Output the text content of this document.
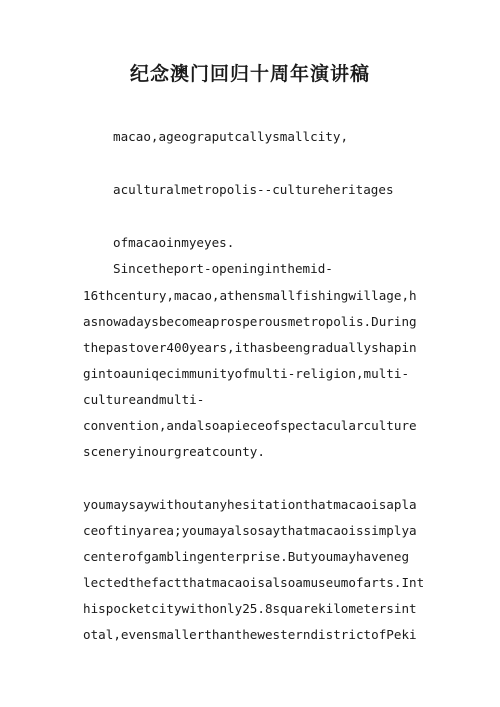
纪念澳门回归十周年演讲稿
macao,ageograputcallysmallcity,
aculturalmetropolis--cultureheritages
ofmacaoinmyeyes.
Sincetheport-openinginthemid-
16thcentury,macao,athensmallfishingwillage,h
asnowadaysbecomeaprosperousmetropolis.During
thepastover400years,ithasbeengraduallyshapin
gintoauniqecimmunityofmulti-religion,multi-
cultureandmulti-
convention,andalsoapieceofspectacularculture
sceneryinourgreatcounty.
youmaysaywithoutanyhesitationthatmacaoisapla
ceoftinyarea;youmayalsosaythatmacaoissimplya
centerofgamblingenterprise.Butyoumayhaveneg
lectedthefactthatmacaoisalsoamuseumofarts.Int
hispocketcitywithonly25.8squarekilometersint
otal,evensmallerthanthewesterndistrictofPeki
